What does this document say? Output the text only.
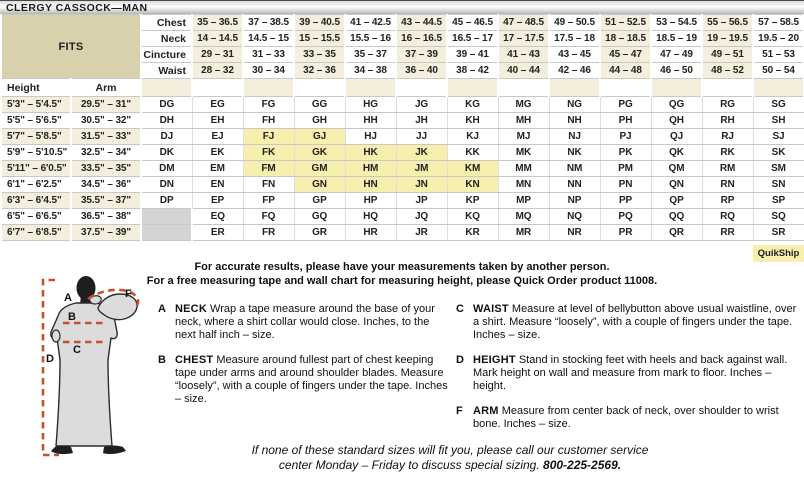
CLERGY CASSOCK—MAN
FITS		Chest	35 – 36.5	37 – 38.5	39 – 40.5	41 – 42.5	43 – 44.5	45 – 46.5	47 – 48.5	49 – 50.5	51 – 52.5	53 – 54.5	55 – 56.5	57 – 58.5	
		Neck	14 – 14.5	14.5 – 15	15 – 15.5	15.5 – 16	16 – 16.5	16.5 – 17	17 – 17.5	17.5 – 18	18 – 18.5	18.5 – 19	19 – 19.5	19.5 – 20	
		Cincture	29 – 31	31 – 33	33 – 35	35 – 37	37 – 39	39 – 41	41 – 43	43 – 45	45 – 47	47 – 49	49 – 51	51 – 53	
		Waist	28 – 32	30 – 34	32 – 36	34 – 38	36 – 40	38 – 42	40 – 44	42 – 46	44 – 48	46 – 50	48 – 52	50 – 54	
Height	Arm														
5'3" – 5'4.5"	29.5" – 31"	DG	EG	FG	GG	HG	JG	KG	MG	NG	PG	QG	RG	SG	
5'5" – 5'6.5"	30.5" – 32"	DH	EH	FH	GH	HH	JH	KH	MH	NH	PH	QH	RH	SH	
5'7" – 5'8.5"	31.5" – 33"	DJ	EJ	FJ	GJ	HJ	JJ	KJ	MJ	NJ	PJ	QJ	RJ	SJ	
5'9" – 5'10.5"	32.5" – 34"	DK	EK	FK	GK	HK	JK	KK	MK	NK	PK	QK	RK	SK	
5'11" – 6'0.5"	33.5" – 35"	DM	EM	FM	GM	HM	JM	KM	MM	NM	PM	QM	RM	SM	
6'1" – 6'2.5"	34.5" – 36"	DN	EN	FN	GN	HN	JN	KN	MN	NN	PN	QN	RN	SN	
6'3" – 6'4.5"	35.5" – 37"	DP	EP	FP	GP	HP	JP	KP	MP	NP	PP	QP	RP	SP	
6'5" – 6'6.5"	36.5" – 38"		EQ	FQ	GQ	HQ	JQ	KQ	MQ	NQ	PQ	QQ	RQ	SQ	
6'7" – 6'8.5"	37.5" – 39"		ER	FR	GR	HR	JR	KR	MR	NR	PR	QR	RR	SR	
QuikShip
For accurate results, please have your measurements taken by another person.
For a free measuring tape and wall chart for measuring height, please Quick Order product 11008.
A
B
C
D
F
A NECK Wrap a tape measure around the base of your neck, where a shirt collar would close. Inches, to the next half inch – size.

B CHEST Measure around fullest part of chest keeping tape under arms and around shoulder blades. Measure “loosely”, with a couple of fingers under the tape. Inches – size.

C WAIST Measure at level of bellybutton above usual waistline, over a shirt. Measure “loosely”, with a couple of fingers under the tape. Inches – size.

D HEIGHT Stand in stocking feet with heels and back against wall. Mark height on wall and measure from mark to floor. Inches – height.

F ARM Measure from center back of neck, over shoulder to wrist bone. Inches – size.

If none of these standard sizes will fit you, please call our customer service
center Monday – Friday to discuss special sizing. 800-225-2569.
